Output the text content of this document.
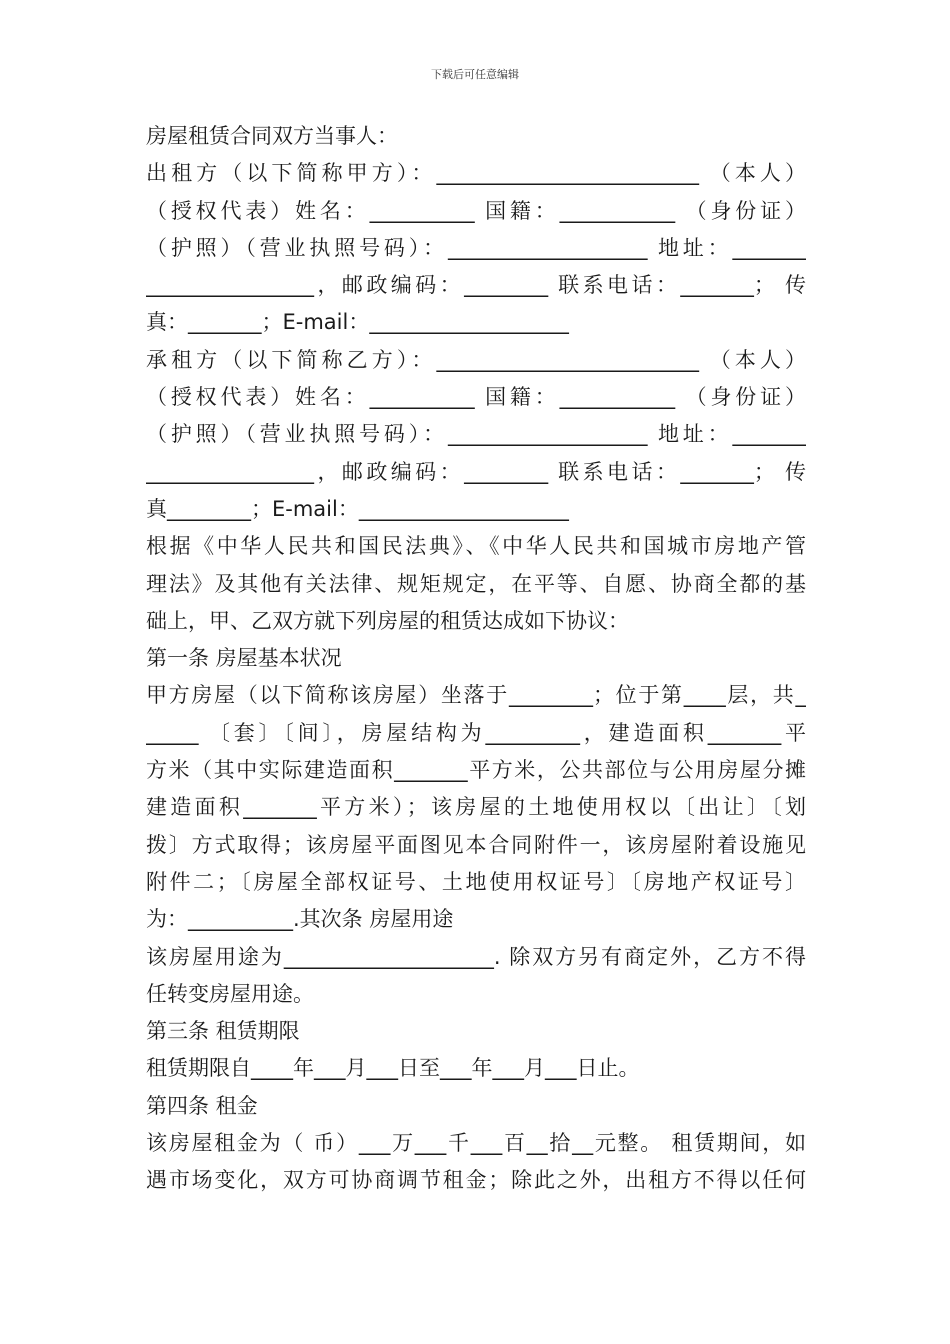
下载后可任意编辑
房屋租赁合同双方当事人：
出租方（以下简称甲方）：_________________________ （本人）
（授权代表）姓名：__________ 国籍：___________ （身份证）
（护照）（营业执照号码）：___________________ 地址：_______
________________，邮政编码：________ 联系电话：_______； 传
真：_______；E-mail：___________________
承租方（以下简称乙方）：_________________________ （本人）
（授权代表）姓名：__________ 国籍：___________ （身份证）
（护照）（营业执照号码）：___________________ 地址：_______
________________，邮政编码：________ 联系电话：_______； 传
真________；E-mail：____________________
根据《中华人民共和国民法典》、《中华人民共和国城市房地产管
理法》及其他有关法律、规矩规定，在平等、自愿、协商全都的基
础上，甲、乙双方就下列房屋的租赁达成如下协议：
第一条 房屋基本状况
甲方房屋（以下简称该房屋）坐落于________；位于第____层，共_
_____ 〔套〕〔间〕，房屋结构为_________，建造面积_______平
方米（其中实际建造面积_______平方米，公共部位与公用房屋分摊
建造面积_______平方米）；该房屋的土地使用权以〔出让〕〔划
拨〕方式取得；该房屋平面图见本合同附件一，该房屋附着设施见
附件二；〔房屋全部权证号、土地使用权证号〕〔房地产权证号〕
为：__________.其次条 房屋用途
该房屋用途为____________________. 除双方另有商定外，乙方不得
任转变房屋用途。
第三条 租赁期限
租赁期限自____年___月___日至___年___月___日止。
第四条 租金
该房屋租金为（ 币）___万___千___百__拾__元整。 租赁期间，如
遇市场变化，双方可协商调节租金；除此之外，出租方不得以任何
